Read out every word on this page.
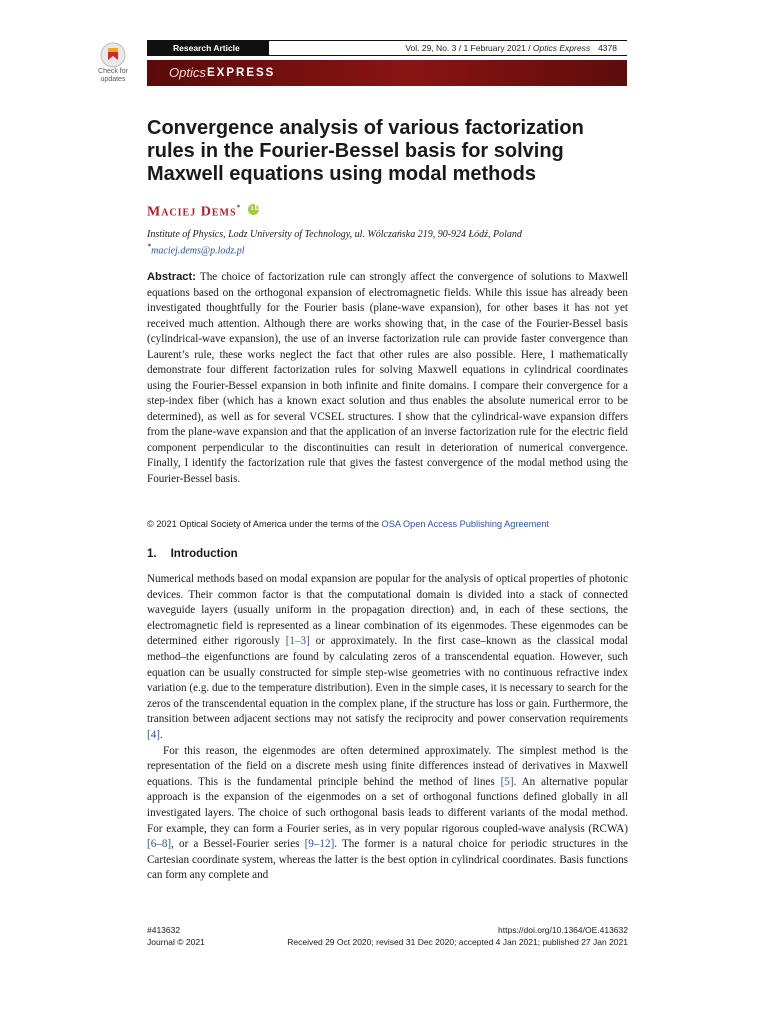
Check for updates
Research Article	Vol. 29, No. 3 / 1 February 2021 / Optics Express 4378
Optics EXPRESS
Convergence analysis of various factorization rules in the Fourier-Bessel basis for solving Maxwell equations using modal methods
Maciej Dems* iD
Institute of Physics, Lodz University of Technology, ul. Wólczańska 219, 90-924 Łódź, Poland
*maciej.dems@p.lodz.pl
Abstract: The choice of factorization rule can strongly affect the convergence of solutions to Maxwell equations based on the orthogonal expansion of electromagnetic fields. While this issue has already been investigated thoughtfully for the Fourier basis (plane-wave expansion), for other bases it has not yet received much attention. Although there are works showing that, in the case of the Fourier-Bessel basis (cylindrical-wave expansion), the use of an inverse factorization rule can provide faster convergence than Laurent’s rule, these works neglect the fact that other rules are also possible. Here, I mathematically demonstrate four different factorization rules for solving Maxwell equations in cylindrical coordinates using the Fourier-Bessel expansion in both infinite and finite domains. I compare their convergence for a step-index fiber (which has a known exact solution and thus enables the absolute numerical error to be determined), as well as for several VCSEL structures. I show that the cylindrical-wave expansion differs from the plane-wave expansion and that the application of an inverse factorization rule for the electric field component perpendicular to the discontinuities can result in deterioration of numerical convergence. Finally, I identify the factorization rule that gives the fastest convergence of the modal method using the Fourier-Bessel basis.
© 2021 Optical Society of America under the terms of the OSA Open Access Publishing Agreement
1. Introduction

Numerical methods based on modal expansion are popular for the analysis of optical properties of photonic devices. Their common factor is that the computational domain is divided into a stack of connected waveguide layers (usually uniform in the propagation direction) and, in each of these sections, the electromagnetic field is represented as a linear combination of its eigenmodes. These eigenmodes can be determined either rigorously [1–3] or approximately. In the first case–known as the classical modal method–the eigenfunctions are found by calculating zeros of a transcendental equation. However, such equation can be usually constructed for simple step-wise geometries with no continuous refractive index variation (e.g. due to the temperature distribution). Even in the simple cases, it is necessary to search for the zeros of the transcendental equation in the complex plane, if the structure has loss or gain. Furthermore, the transition between adjacent sections may not satisfy the reciprocity and power conservation requirements [4].

For this reason, the eigenmodes are often determined approximately. The simplest method is the representation of the field on a discrete mesh using finite differences instead of derivatives in Maxwell equations. This is the fundamental principle behind the method of lines [5]. An alternative popular approach is the expansion of the eigenmodes on a set of orthogonal functions defined globally in all investigated layers. The choice of such orthogonal basis leads to different variants of the modal method. For example, they can form a Fourier series, as in very popular rigorous coupled-wave analysis (RCWA) [6–8], or a Bessel-Fourier series [9–12]. The former is a natural choice for periodic structures in the Cartesian coordinate system, whereas the latter is the best option in cylindrical coordinates. Basis functions can form any complete and

#413632	https://doi.org/10.1364/OE.413632
Journal © 2021	Received 29 Oct 2020; revised 31 Dec 2020; accepted 4 Jan 2021; published 27 Jan 2021
